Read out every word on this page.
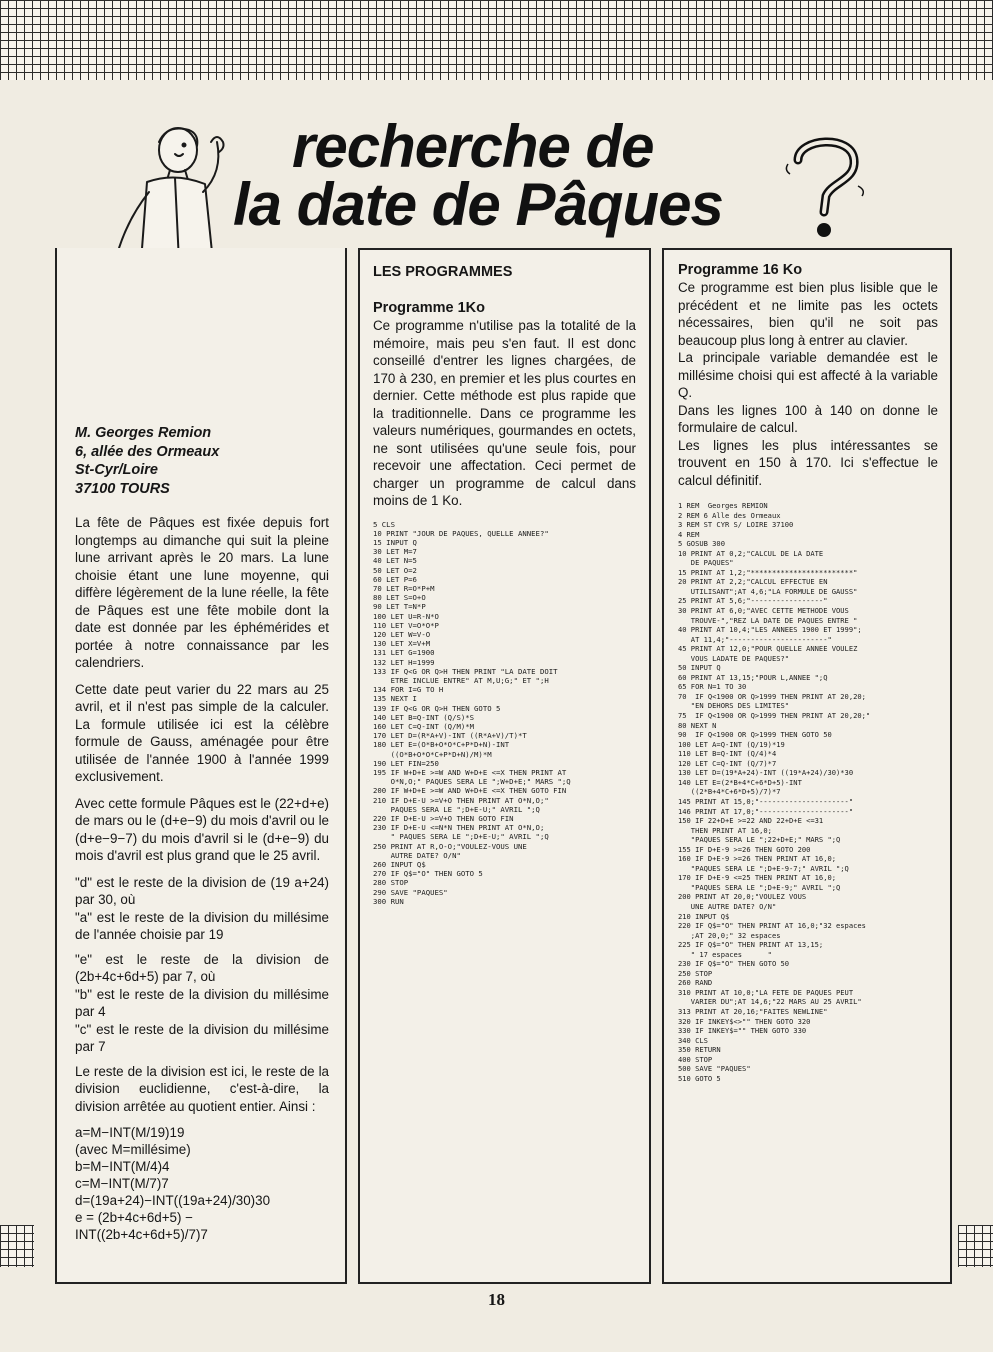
recherche de
la date de Pâques
M. Georges Remion
6, allée des Ormeaux
St-Cyr/Loire
37100 TOURS

La fête de Pâques est fixée depuis fort longtemps au dimanche qui suit la pleine lune arrivant après le 20 mars. La lune choisie étant une lune moyenne, qui diffère légèrement de la lune réelle, la fête de Pâques est une fête mobile dont la date est donnée par les éphémérides et portée à notre connaissance par les calendriers.

Cette date peut varier du 22 mars au 25 avril, et il n'est pas simple de la calculer. La formule utilisée ici est la célèbre formule de Gauss, aménagée pour être utilisée de l'année 1900 à l'année 1999 exclusivement.

Avec cette formule Pâques est le (22+d+e) de mars ou le (d+e−9) du mois d'avril ou le (d+e−9−7) du mois d'avril si le (d+e−9) du mois d'avril est plus grand que le 25 avril.

"d" est le reste de la division de (19 a+24) par 30, où
"a" est le reste de la division du millésime de l'année choisie par 19

"e" est le reste de la division de (2b+4c+6d+5) par 7, où
"b" est le reste de la division du millésime par 4
"c" est le reste de la division du millésime par 7

Le reste de la division est ici, le reste de la division euclidienne, c'est-à-dire, la division arrêtée au quotient entier. Ainsi :

a=M−INT(M/19)19
(avec M=millésime)
b=M−INT(M/4)4
c=M−INT(M/7)7
d=(19a+24)−INT((19a+24)/30)30
e = (2b+4c+6d+5) −
INT((2b+4c+6d+5)/7)7
LES PROGRAMMES
Programme 1Ko

Ce programme n'utilise pas la totalité de la mémoire, mais peu s'en faut. Il est donc conseillé d'entrer les lignes chargées, de 170 à 230, en premier et les plus courtes en dernier. Cette méthode est plus rapide que la traditionnelle. Dans ce programme les valeurs numériques, gourmandes en octets, ne sont utilisées qu'une seule fois, pour recevoir une affectation. Ceci permet de charger un programme de calcul dans moins de 1 Ko.

5 CLS
10 PRINT "JOUR DE PAQUES, QUELLE ANNEE?"
15 INPUT Q
30 LET M=7
40 LET N=5
50 LET O=2
60 LET P=6
70 LET R=O*P+M
80 LET S=O+O
90 LET T=N*P
100 LET U=R-N*O
110 LET V=O*O*P
120 LET W=V-O
130 LET X=V+M
131 LET G=1900
132 LET H=1999
133 IF Q<G OR Q>H THEN PRINT "LA DATE DOIT
ETRE INCLUE ENTRE" AT M,U;G;" ET ";H
134 FOR I=G TO H
135 NEXT I
139 IF Q<G OR Q>H THEN GOTO 5
140 LET B=Q-INT (Q/S)*S
160 LET C=Q-INT (Q/M)*M
170 LET D=(R*A+V)-INT ((R*A+V)/T)*T
180 LET E=(O*B+O*O*C+P*D+N)-INT
((O*B+O*O*C+P*D+N)/M)*M
190 LET FIN=250
195 IF W+D+E >=W AND W+D+E <=X THEN PRINT AT
O*N,O;" PAQUES SERA LE ";W+D+E;" MARS ";Q
200 IF W+D+E >=W AND W+D+E <=X THEN GOTO FIN
210 IF D+E-U >=V+O THEN PRINT AT O*N,O;"
PAQUES SERA LE ";D+E-U;" AVRIL ";Q
220 IF D+E-U >=V+O THEN GOTO FIN
230 IF D+E-U <=N*N THEN PRINT AT O*N,O;
" PAQUES SERA LE ";D+E-U;" AVRIL ";Q
250 PRINT AT R,O-O;"VOULEZ-VOUS UNE
AUTRE DATE? O/N"
260 INPUT Q$
270 IF Q$="O" THEN GOTO 5
280 STOP
290 SAVE "PAQUES"
300 RUN
Programme 16 Ko

Ce programme est bien plus lisible que le précédent et ne limite pas les octets nécessaires, bien qu'il ne soit pas beaucoup plus long à entrer au clavier.

La principale variable demandée est le millésime choisi qui est affecté à la variable Q.

Dans les lignes 100 à 140 on donne le formulaire de calcul.

Les lignes les plus intéressantes se trouvent en 150 à 170. Ici s'effectue le calcul définitif.

1 REM  Georges REMION
2 REM 6 Alle des Ormeaux
3 REM ST CYR S/ LOIRE 37100
4 REM
5 GOSUB 300
10 PRINT AT 0,2;"CALCUL DE LA DATE
DE PAQUES"
15 PRINT AT 1,2;"************************"
20 PRINT AT 2,2;"CALCUL EFFECTUE EN
UTILISANT";AT 4,6;"LA FORMULE DE GAUSS"
25 PRINT AT 5,6;"-----------------"
30 PRINT AT 6,0;"AVEC CETTE METHODE VOUS
TROUVE-","REZ LA DATE DE PAQUES ENTRE "
40 PRINT AT 10,4;"LES ANNEES 1900 ET 1999";
AT 11,4;"-----------------------"
45 PRINT AT 12,0;"POUR QUELLE ANNEE VOULEZ
VOUS LADATE DE PAQUES?"
50 INPUT Q
60 PRINT AT 13,15;"POUR L,ANNEE ";Q
65 FOR N=1 TO 30
70  IF Q<1900 OR Q>1999 THEN PRINT AT 20,20;
"EN DEHORS DES LIMITES"
75  IF Q<1900 OR Q>1999 THEN PRINT AT 20,20;"
80 NEXT N
90  IF Q<1900 OR Q>1999 THEN GOTO 50
100 LET A=Q-INT (Q/19)*19
110 LET B=Q-INT (Q/4)*4
120 LET C=Q-INT (Q/7)*7
130 LET D=(19*A+24)-INT ((19*A+24)/30)*30
140 LET E=(2*B+4*C+6*D+5)-INT
((2*B+4*C+6*D+5)/7)*7
145 PRINT AT 15,0;"---------------------"
146 PRINT AT 17,0;"---------------------"
150 IF 22+D+E >=22 AND 22+D+E <=31
THEN PRINT AT 16,0;
"PAQUES SERA LE ";22+D+E;" MARS ";Q
155 IF D+E-9 >=26 THEN GOTO 200
160 IF D+E-9 >=26 THEN PRINT AT 16,0;
"PAQUES SERA LE ";D+E-9-7;" AVRIL ";Q
170 IF D+E-9 <=25 THEN PRINT AT 16,0;
"PAQUES SERA LE ";D+E-9;" AVRIL ";Q
200 PRINT AT 20,0;"VOULEZ VOUS
UNE AUTRE DATE? O/N"
210 INPUT Q$
220 IF Q$="O" THEN PRINT AT 16,0;"32 espaces
;AT 20,0;" 32 espaces
225 IF Q$="O" THEN PRINT AT 13,15;
" 17 espaces      "
230 IF Q$="O" THEN GOTO 50
250 STOP
260 RAND
310 PRINT AT 10,0;"LA FETE DE PAQUES PEUT
VARIER DU";AT 14,6;"22 MARS AU 25 AVRIL"
313 PRINT AT 20,16;"FAITES NEWLINE"
320 IF INKEY$<>"" THEN GOTO 320
330 IF INKEY$="" THEN GOTO 330
340 CLS
350 RETURN
400 STOP
500 SAVE "PAQUES"
510 GOTO 5
18
